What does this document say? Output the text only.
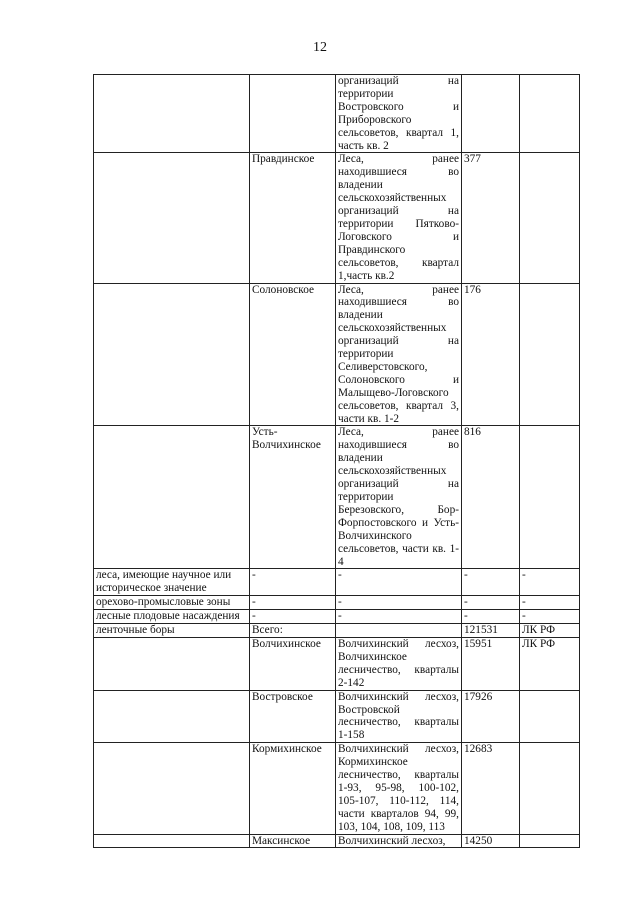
12
		организаций на территории Востровского и Приборовского сельсоветов, квартал 1, часть кв. 2		
	Правдинское	Леса, ранее находившиеся во владении сельскохозяйственных организаций на территории Пятково-Логовского и Правдинского сельсоветов, квартал 1,часть кв.2	377	
	Солоновское	Леса, ранее находившиеся во владении сельскохозяйственных организаций на территории Селиверстовского, Солоновского и Малыщево-Логовского сельсоветов, квартал 3, части кв. 1-2	176	
	Усть-Волчихинское	Леса, ранее находившиеся во владении сельскохозяйственных организаций на территории Березовского, Бор-Форпостовского и Усть-Волчихинского сельсоветов, части кв. 1-4	816	
леса, имеющие научное или историческое значение	-	-	-	-
орехово-промысловые зоны	-	-	-	-
лесные плодовые насаждения	-	-	-	-
ленточные боры	Всего:		121531	ЛК РФ
	Волчихинское	Волчихинский лесхоз, Волчихинское лесничество, кварталы 2-142	15951	ЛК РФ
	Востровское	Волчихинский лесхоз, Востровской лесничество, кварталы 1-158	17926	
	Кормихинское	Волчихинский лесхоз, Кормихинское лесничество, кварталы 1-93, 95-98, 100-102, 105-107, 110-112, 114, части кварталов 94, 99, 103, 104, 108, 109, 113	12683	
	Максинское	Волчихинский лесхоз,	14250	
